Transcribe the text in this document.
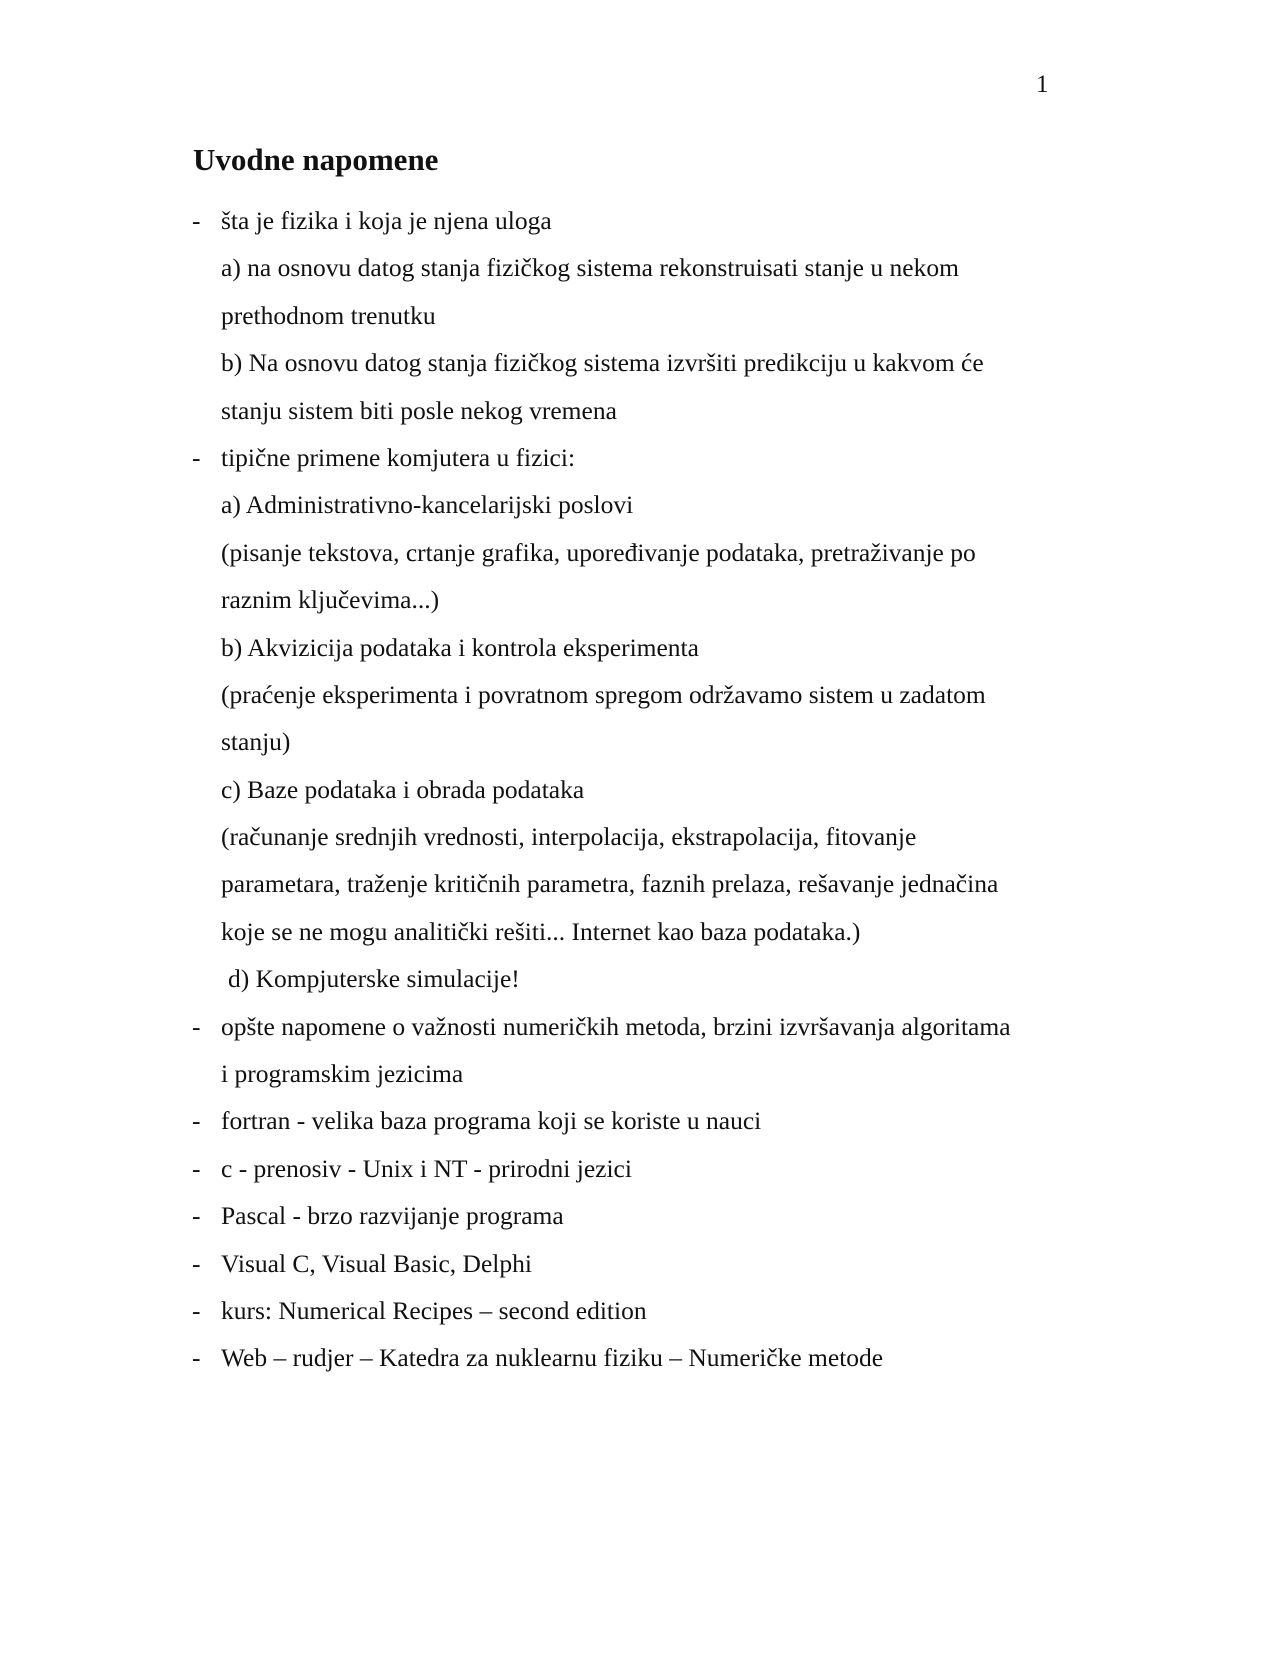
1
Uvodne napomene
- šta je fizika i koja je njena uloga
a) na osnovu datog stanja fizičkog sistema rekonstruisati stanje u nekom
prethodnom trenutku
b) Na osnovu datog stanja fizičkog sistema izvršiti predikciju u kakvom će
stanju sistem biti posle nekog vremena
- tipične primene komjutera u fizici:
a) Administrativno-kancelarijski poslovi
(pisanje tekstova, crtanje grafika, upoređivanje podataka, pretraživanje po
raznim ključevima...)
b) Akvizicija podataka i kontrola eksperimenta
(praćenje eksperimenta i povratnom spregom održavamo sistem u zadatom
stanju)
c) Baze podataka i obrada podataka
(računanje srednjih vrednosti, interpolacija, ekstrapolacija, fitovanje
parametara, traženje kritičnih parametra, faznih prelaza, rešavanje jednačina
koje se ne mogu analitički rešiti... Internet kao baza podataka.)
d) Kompjuterske simulacije!
- opšte napomene o važnosti numeričkih metoda, brzini izvršavanja algoritama
i programskim jezicima
- fortran - velika baza programa koji se koriste u nauci
- c - prenosiv - Unix i NT - prirodni jezici
- Pascal - brzo razvijanje programa
- Visual C, Visual Basic, Delphi
- kurs: Numerical Recipes – second edition
- Web – rudjer – Katedra za nuklearnu fiziku – Numeričke metode
